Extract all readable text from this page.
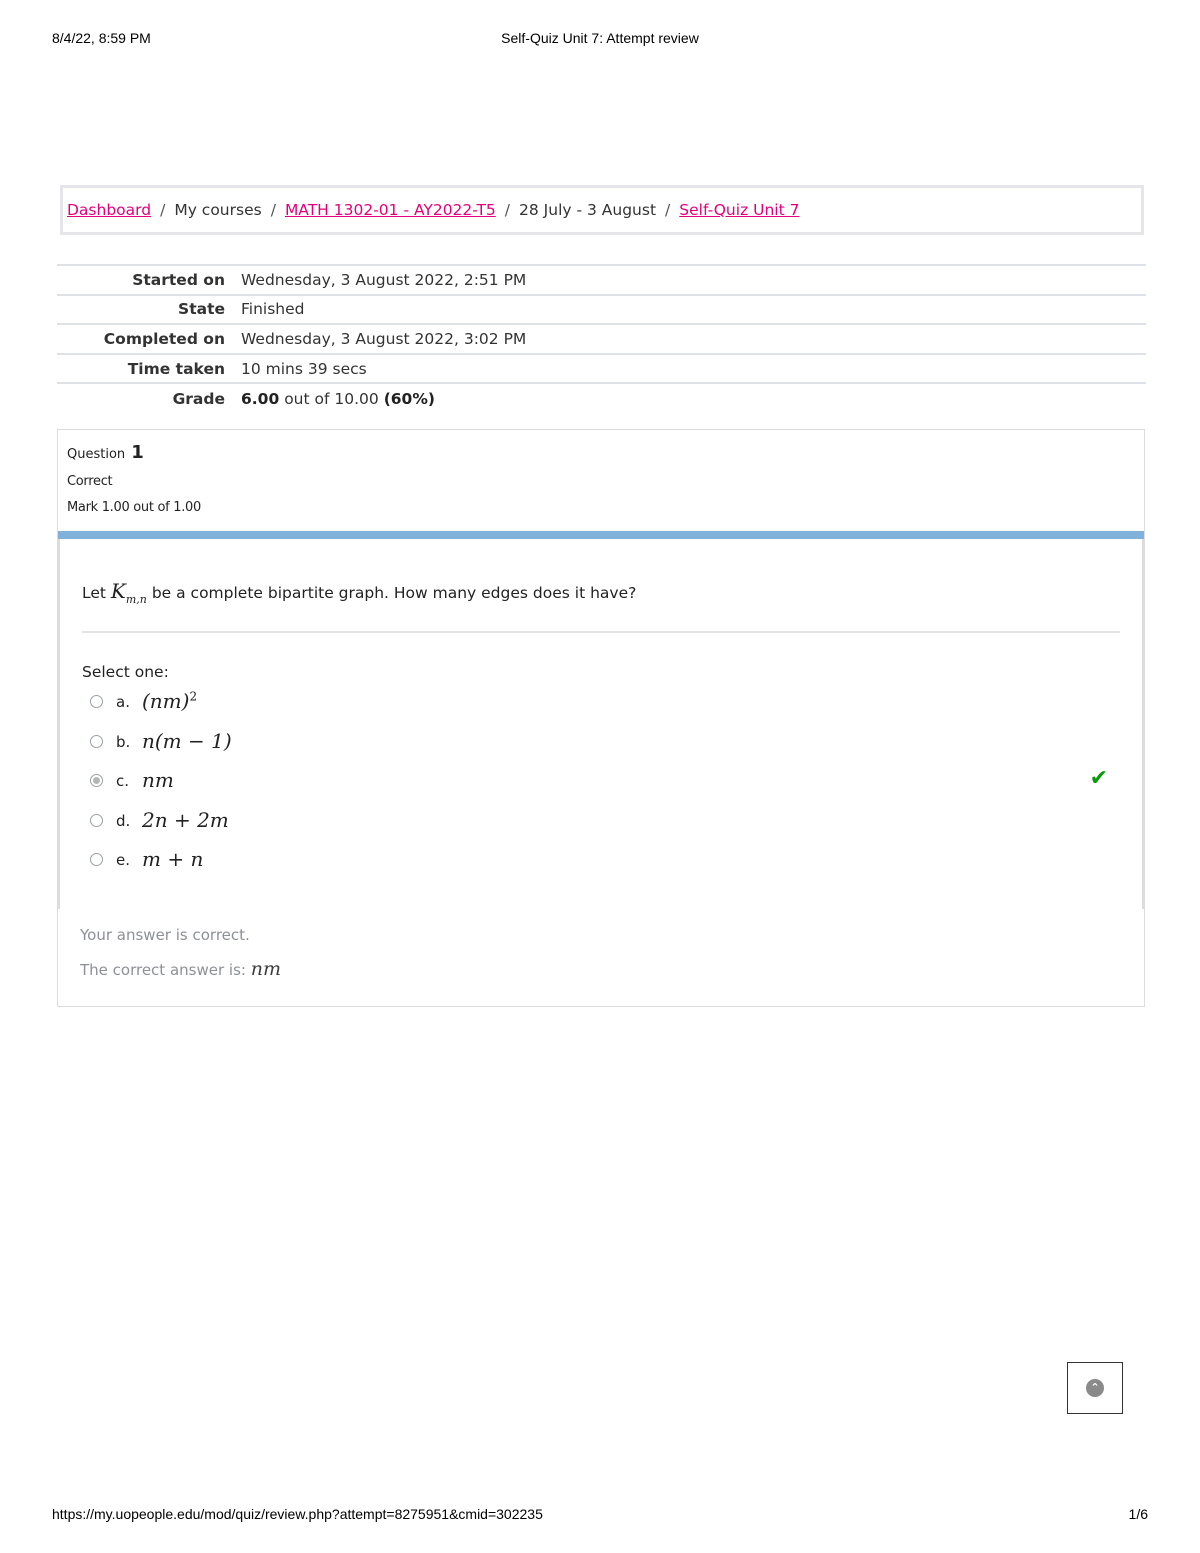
8/4/22, 8:59 PM	Self-Quiz Unit 7: Attempt review
Dashboard / My courses / MATH 1302-01 - AY2022-T5 / 28 July - 3 August / Self-Quiz Unit 7
Started on	Wednesday, 3 August 2022, 2:51 PM
State	Finished
Completed on	Wednesday, 3 August 2022, 3:02 PM
Time taken	10 mins 39 secs
Grade	6.00 out of 10.00 (60%)
Question 1
Correct
Mark 1.00 out of 1.00
Let $K_{m,n}$ be a complete bipartite graph. How many edges does it have?
Select one:
a. (nm)$^2$
b. n(m − 1)
c. nm	✔
d. 2n + 2m
e. m + n
Your answer is correct.
The correct answer is: nm
⌃
https://my.uopeople.edu/mod/quiz/review.php?attempt=8275951&cmid=302235	1/6
